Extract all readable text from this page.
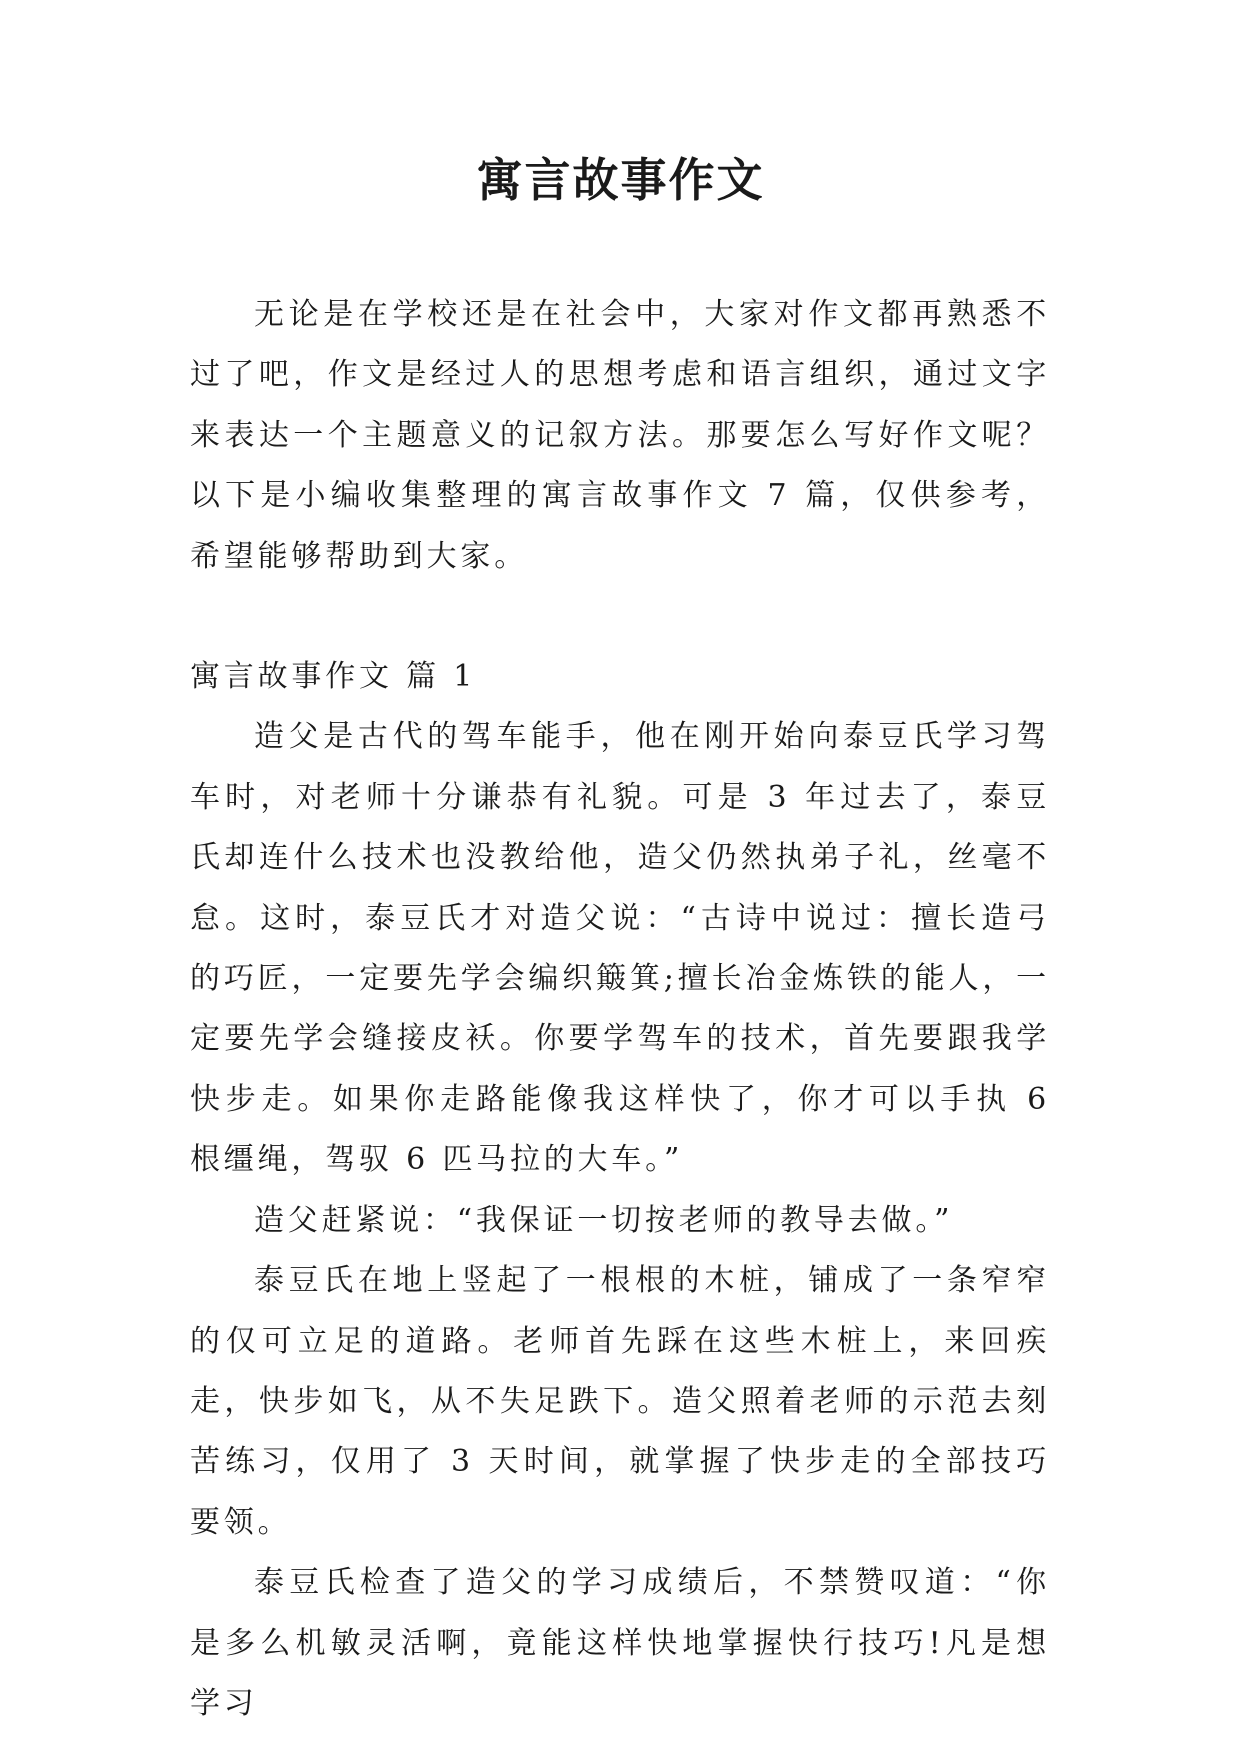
寓言故事作文

无论是在学校还是在社会中，大家对作文都再熟悉不过了吧，作文是经过人的思想考虑和语言组织，通过文字来表达一个主题意义的记叙方法。那要怎么写好作文呢？以下是小编收集整理的寓言故事作文 7 篇，仅供参考，希望能够帮助到大家。

寓言故事作文 篇 1

造父是古代的驾车能手，他在刚开始向泰豆氏学习驾车时，对老师十分谦恭有礼貌。可是 3 年过去了，泰豆氏却连什么技术也没教给他，造父仍然执弟子礼，丝毫不怠。这时，泰豆氏才对造父说：“古诗中说过：擅长造弓的巧匠，一定要先学会编织簸箕;擅长冶金炼铁的能人，一定要先学会缝接皮袄。你要学驾车的技术，首先要跟我学快步走。如果你走路能像我这样快了，你才可以手执 6 根缰绳，驾驭 6 匹马拉的大车。”

造父赶紧说：“我保证一切按老师的教导去做。”

泰豆氏在地上竖起了一根根的木桩，铺成了一条窄窄的仅可立足的道路。老师首先踩在这些木桩上，来回疾走，快步如飞，从不失足跌下。造父照着老师的示范去刻苦练习，仅用了 3 天时间，就掌握了快步走的全部技巧要领。

泰豆氏检查了造父的学习成绩后，不禁赞叹道：“你是多么机敏灵活啊，竟能这样快地掌握快行技巧!凡是想学习
